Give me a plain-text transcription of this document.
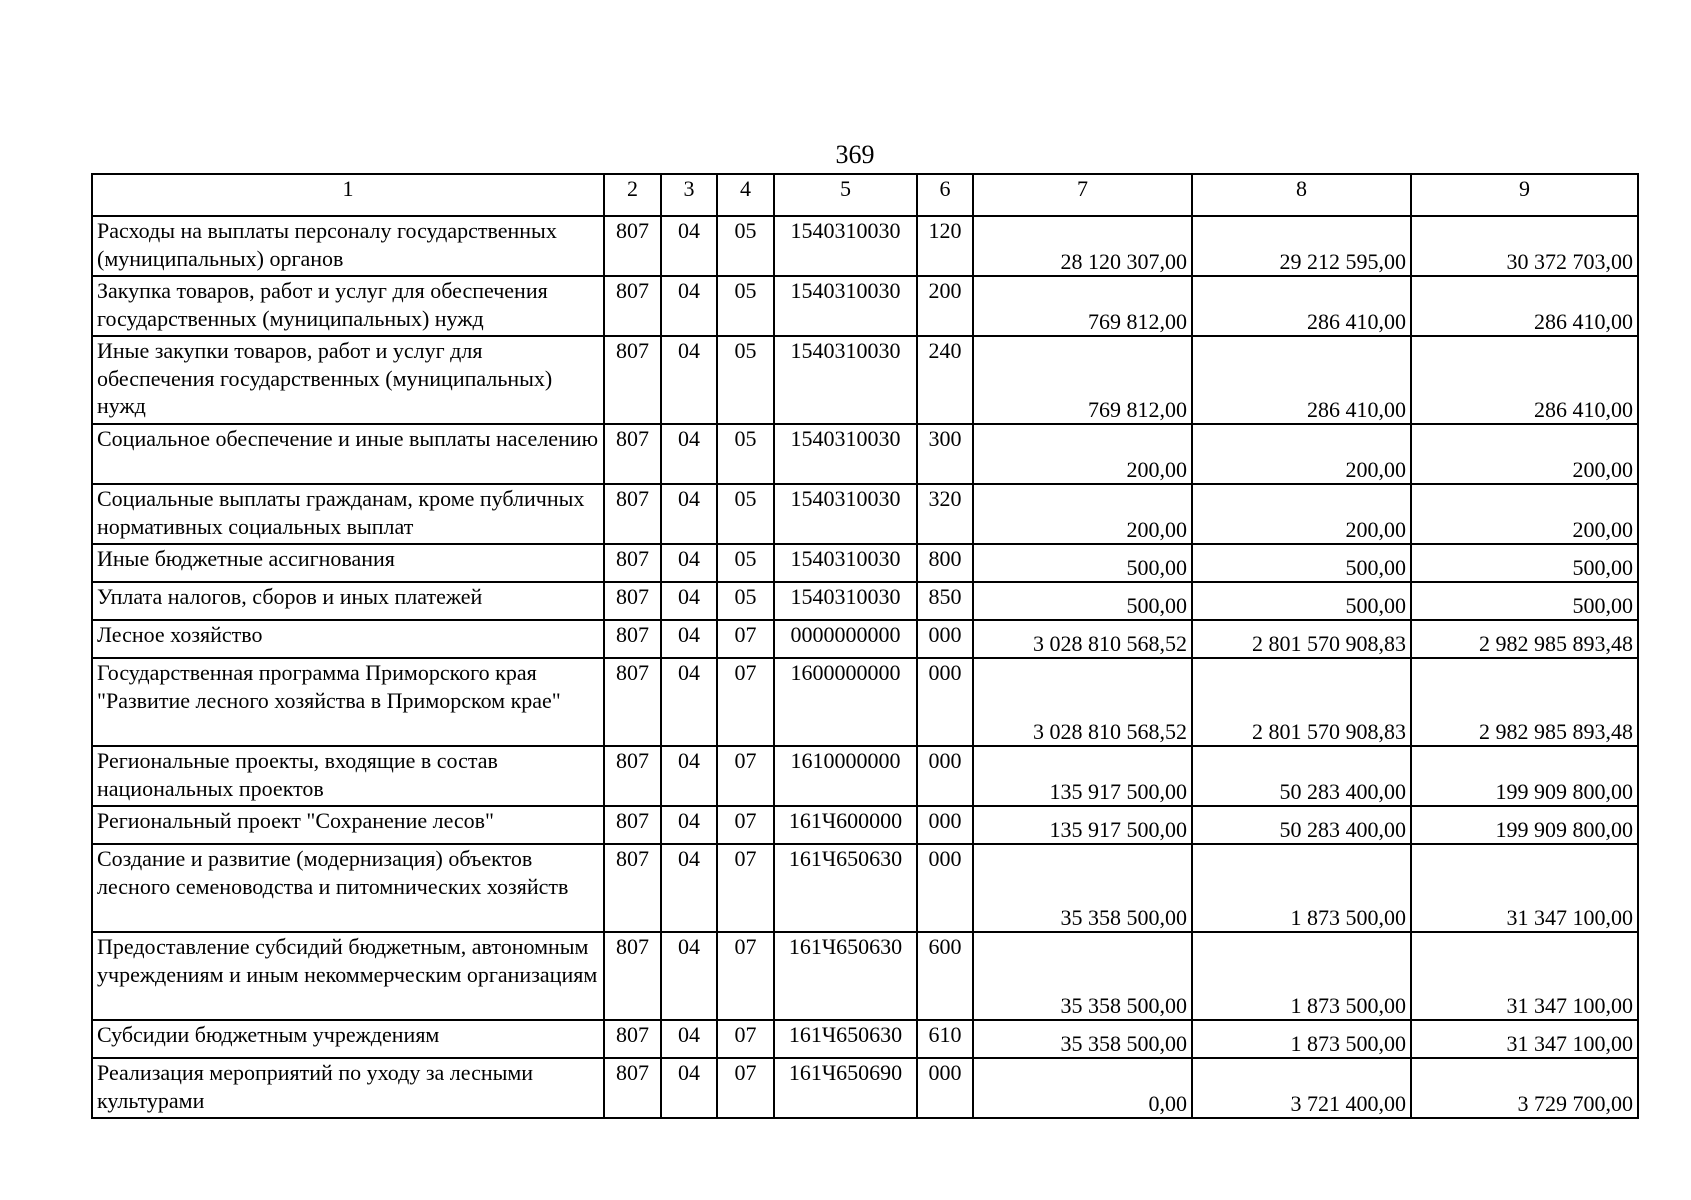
369
1	2	3	4	5	6	7	8	9
Расходы на выплаты персоналу государственных (муниципальных) органов	807	04	05	1540310030	120	28 120 307,00	29 212 595,00	30 372 703,00
Закупка товаров, работ и услуг для обеспечения государственных (муниципальных) нужд	807	04	05	1540310030	200	769 812,00	286 410,00	286 410,00
Иные закупки товаров, работ и услуг для обеспечения государственных (муниципальных) нужд	807	04	05	1540310030	240	769 812,00	286 410,00	286 410,00
Социальное обеспечение и иные выплаты населению	807	04	05	1540310030	300	200,00	200,00	200,00
Социальные выплаты гражданам, кроме публичных нормативных социальных выплат	807	04	05	1540310030	320	200,00	200,00	200,00
Иные бюджетные ассигнования	807	04	05	1540310030	800	500,00	500,00	500,00
Уплата налогов, сборов и иных платежей	807	04	05	1540310030	850	500,00	500,00	500,00
Лесное хозяйство	807	04	07	0000000000	000	3 028 810 568,52	2 801 570 908,83	2 982 985 893,48
Государственная программа Приморского края "Развитие лесного хозяйства в Приморском крае"	807	04	07	1600000000	000	3 028 810 568,52	2 801 570 908,83	2 982 985 893,48
Региональные проекты, входящие в состав национальных проектов	807	04	07	1610000000	000	135 917 500,00	50 283 400,00	199 909 800,00
Региональный проект "Сохранение лесов"	807	04	07	161Ч600000	000	135 917 500,00	50 283 400,00	199 909 800,00
Создание и развитие (модернизация) объектов лесного семеноводства и питомнических хозяйств	807	04	07	161Ч650630	000	35 358 500,00	1 873 500,00	31 347 100,00
Предоставление субсидий бюджетным, автономным учреждениям и иным некоммерческим организациям	807	04	07	161Ч650630	600	35 358 500,00	1 873 500,00	31 347 100,00
Субсидии бюджетным учреждениям	807	04	07	161Ч650630	610	35 358 500,00	1 873 500,00	31 347 100,00
Реализация мероприятий по уходу за лесными культурами	807	04	07	161Ч650690	000	0,00	3 721 400,00	3 729 700,00
